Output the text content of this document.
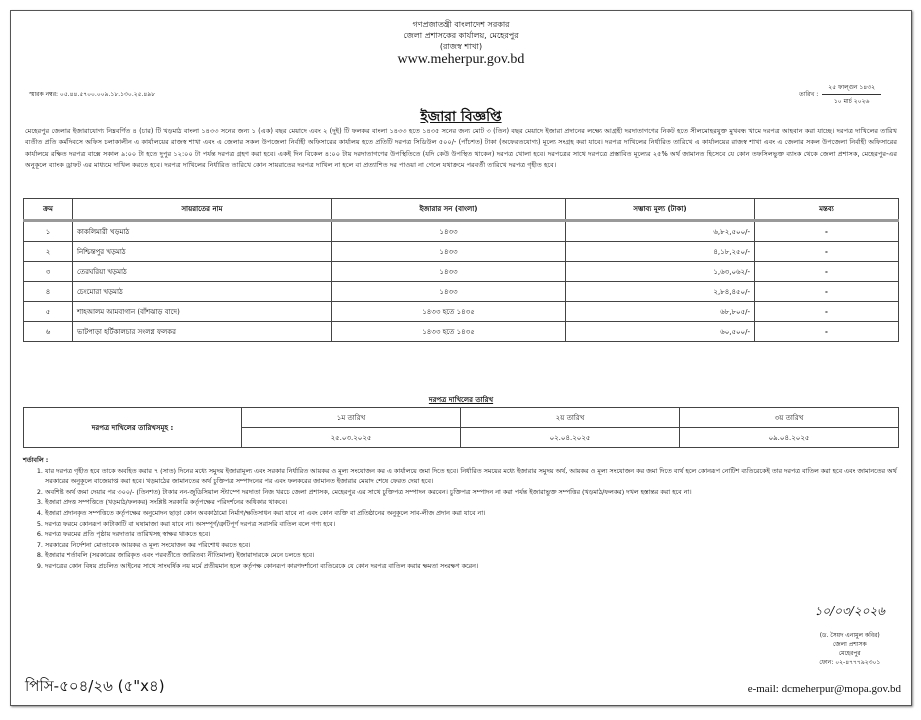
গণপ্রজাতন্ত্রী বাংলাদেশ সরকার
জেলা প্রশাসকের কার্যালয়, মেহেরপুর
(রাজস্ব শাখা)
www.meherpur.gov.bd
স্মারক নম্বর: ০৫.৪৪.৫৭০০.০০৯.১৮.১৩০.২৫.৪৯৮	তারিখ :
২৫ ফাল্গুন ১৪৩২
১০ মার্চ ২০২৬
ইজারা বিজ্ঞপ্তি
মেহেরপুর জেলার ইজারাযোগ্য নিম্নবর্ণিত ৪ (চার) টি খড়মাঠ বাংলা ১৪৩৩ সনের জন্য ১ (এক) বছর মেয়াদে এবং ২ (দুই) টি ফলকর বাংলা ১৪৩৩ হতে ১৪৩৫ সনের জন্য মোট ৩ (তিন) বছর মেয়াদে ইজারা প্রদানের লক্ষ্যে আগ্রহী দরদাতাগণের নিকট হতে সীলমোহরযুক্ত মুখবন্ধ খামে দরপত্র আহবান করা যাচ্ছে। দরপত্র দাখিলের তারিখ ব্যতীত প্রতি কর্মদিবসে অফিস চলাকালীন এ কার্যালয়ের রাজস্ব শাখা এবং এ জেলার সকল উপজেলা নির্বাহী অফিসারের কার্যালয় হতে প্রতিটি দরপত্র সিডিউল ৫০০/- (পাঁচশত) টাকা (অফেরতযোগ্য) মূল্যে সংগ্রহ করা যাবে। দরপত্র দাখিলের নির্ধারিত তারিখে এ কার্যালয়ের রাজস্ব শাখা এবং এ জেলার সকল উপজেলা নির্বাহী অফিসারের কার্যালয়ে রক্ষিত দরপত্র বাক্সে সকাল ৯:০০ টা হতে দুপুর ১২:০০ টা পর্যন্ত দরপত্র গ্রহণ করা হবে। একই দিন বিকেল ৪:০০ টায় দরদাতাগণের উপস্থিতিতে (যদি কেউ উপস্থিত থাকেন) দরপত্র খোলা হবে। দরপত্রের সাথে দরপত্রে প্রস্তাবিত মূল্যের ২৫% অর্থ জামানত হিসেবে যে কোন তফসিলভুক্ত ব্যাংক থেকে জেলা প্রশাসক, মেহেরপুর-এর অনুকূলে ব্যাংক ড্রাফট এর মাধ্যমে দাখিল করতে হবে। দরপত্র দাখিলের নির্ধারিত তারিখে কোন সায়রাতের দরপত্র দাখিল না হলে বা প্রত্যাশিত দর পাওয়া না গেলে যথাক্রমে পরবর্তী তারিখে দরপত্র গৃহীত হবে।
ক্রম	সায়রাতের নাম	ইজারার সন (বাংলা)	সম্ভাব্য মূল্য (টাকা)	মন্তব্য
১	কাকলিমারী খড়মাঠ	১৪৩৩	৬,৮২,৫০০/-	-
২	নিশ্চিন্তপুর খড়মাঠ	১৪৩৩	৪,১৮,২৫০/-	-
৩	তেরঘরিয়া খড়মাঠ	১৪৩৩	১,৬৩,০৬২/-	-
৪	চেংমোরা খড়মাঠ	১৪৩৩	২,৮৪,৪৫০/-	-
৫	শাহআলম আমবাগান (বাঁশঝাড় বাদে)	১৪৩৩ হতে ১৪৩৫	৬৮,৮০৫/-	-
৬	ভাটপাড়া হর্টিকালচার সংলগ্ন ফলকর	১৪৩৩ হতে ১৪৩৫	৬০,৫০০/-	-
দরপত্র দাখিলের তারিখ
দরপত্র দাখিলের তারিখসমূহ :	১ম তারিখ	২য় তারিখ	৩য় তারিখ
	২৫.০৩.২০২৫	০২.০৪.২০২৫	০৯.০৪.২০২৫
শর্তাবলি :
1. যার দরপত্র গৃহীত হবে তাকে অবহিত করার ৭ (সাত) দিনের মধ্যে সমুদয় ইজারামূল্য এবং সরকার নির্ধারিত আয়কর ও মূল্য সংযোজন কর এ কার্যালয়ে জমা দিতে হবে। নির্ধারিত সময়ের মধ্যে ইজারার সমুদয় অর্থ, আয়কর ও মূল্য সংযোজন কর জমা দিতে ব্যর্থ হলে কোনরূপ নোটিশ ব্যতিরেকেই তার দরপত্র বাতিল করা হবে এবং জামানতের অর্থ সরকারের অনুকূলে বাজেয়াপ্ত করা হবে। খড়মাঠের জামানতের অর্থ চুক্তিপত্র সম্পাদনের পর এবং ফলকরের জামানত ইজারার মেয়াদ শেষে ফেরত দেয়া হবে।
2. অবশিষ্ট অর্থ জমা দেয়ার পর ৩০০/- (তিনশত) টাকার নন-জুডিসিয়াল স্ট্যাম্পে দরদাতা নিজ খরচে জেলা প্রশাসক, মেহেরপুর এর সাথে চুক্তিপত্র সম্পাদন করবেন। চুক্তিপত্র সম্পাদন না করা পর্যন্ত ইজারাভুক্ত সম্পত্তির (খড়মাঠ/ফলকর) দখল হস্তান্তর করা হবে না।
3. ইজারা প্রদত্ত সম্পত্তিতে (খড়মাঠ/ফলকর) সংশ্লিষ্ট সরকারি কর্তৃপক্ষের পরিদর্শনের অধিকার থাকবে।
4. ইজারা প্রদানকৃত সম্পত্তিতে কর্তৃপক্ষের অনুমোদন ছাড়া কোন অবকাঠামো নির্মাণ/ক্ষতিসাধন করা যাবে না এবং কোন ব্যক্তি বা প্রতিষ্ঠানের অনুকূলে সাব-লীজ প্রদান করা যাবে না।
5. দরপত্র ফরমে কোনরূপ কাটাকাটি বা ঘষামাজা করা যাবে না। অসম্পূর্ণ/ত্রুটিপূর্ণ দরপত্র সরাসরি বাতিল বলে গণ্য হবে।
6. দরপত্র ফরমের প্রতি পৃষ্ঠায় দরদাতার তারিখসহ স্বাক্ষর থাকতে হবে।
7. সরকারের নির্দেশনা মোতাবেক আয়কর ও মূল্য সংযোজন কর পরিশোধ করতে হবে।
8. ইজারার শর্তাবলি (সরকারের জারিকৃত এবং পরবর্তীতে জারিতব্য নীতিমালা) ইজারাদারকে মেনে চলতে হবে।
9. দরপত্রের কোন বিষয় প্রচলিত আইনের সাথে সাংঘর্ষিক নয় মর্মে প্রতীয়মান হলে কর্তৃপক্ষ কোনরূপ কারণদর্শানো ব্যতিরেকে যে কোন দরপত্র বাতিল করার ক্ষমতা সংরক্ষণ করেন।
পিসি-৫০৪/২৬ (৫"x৪)
১০/০৩/২০২৬
(ড. সৈয়দ এনামুল কবির)
জেলা প্রশাসক
মেহেরপুর
ফোন: ০২-৪৭৭৭৯২৩০১
e-mail: dcmeherpur@mopa.gov.bd
